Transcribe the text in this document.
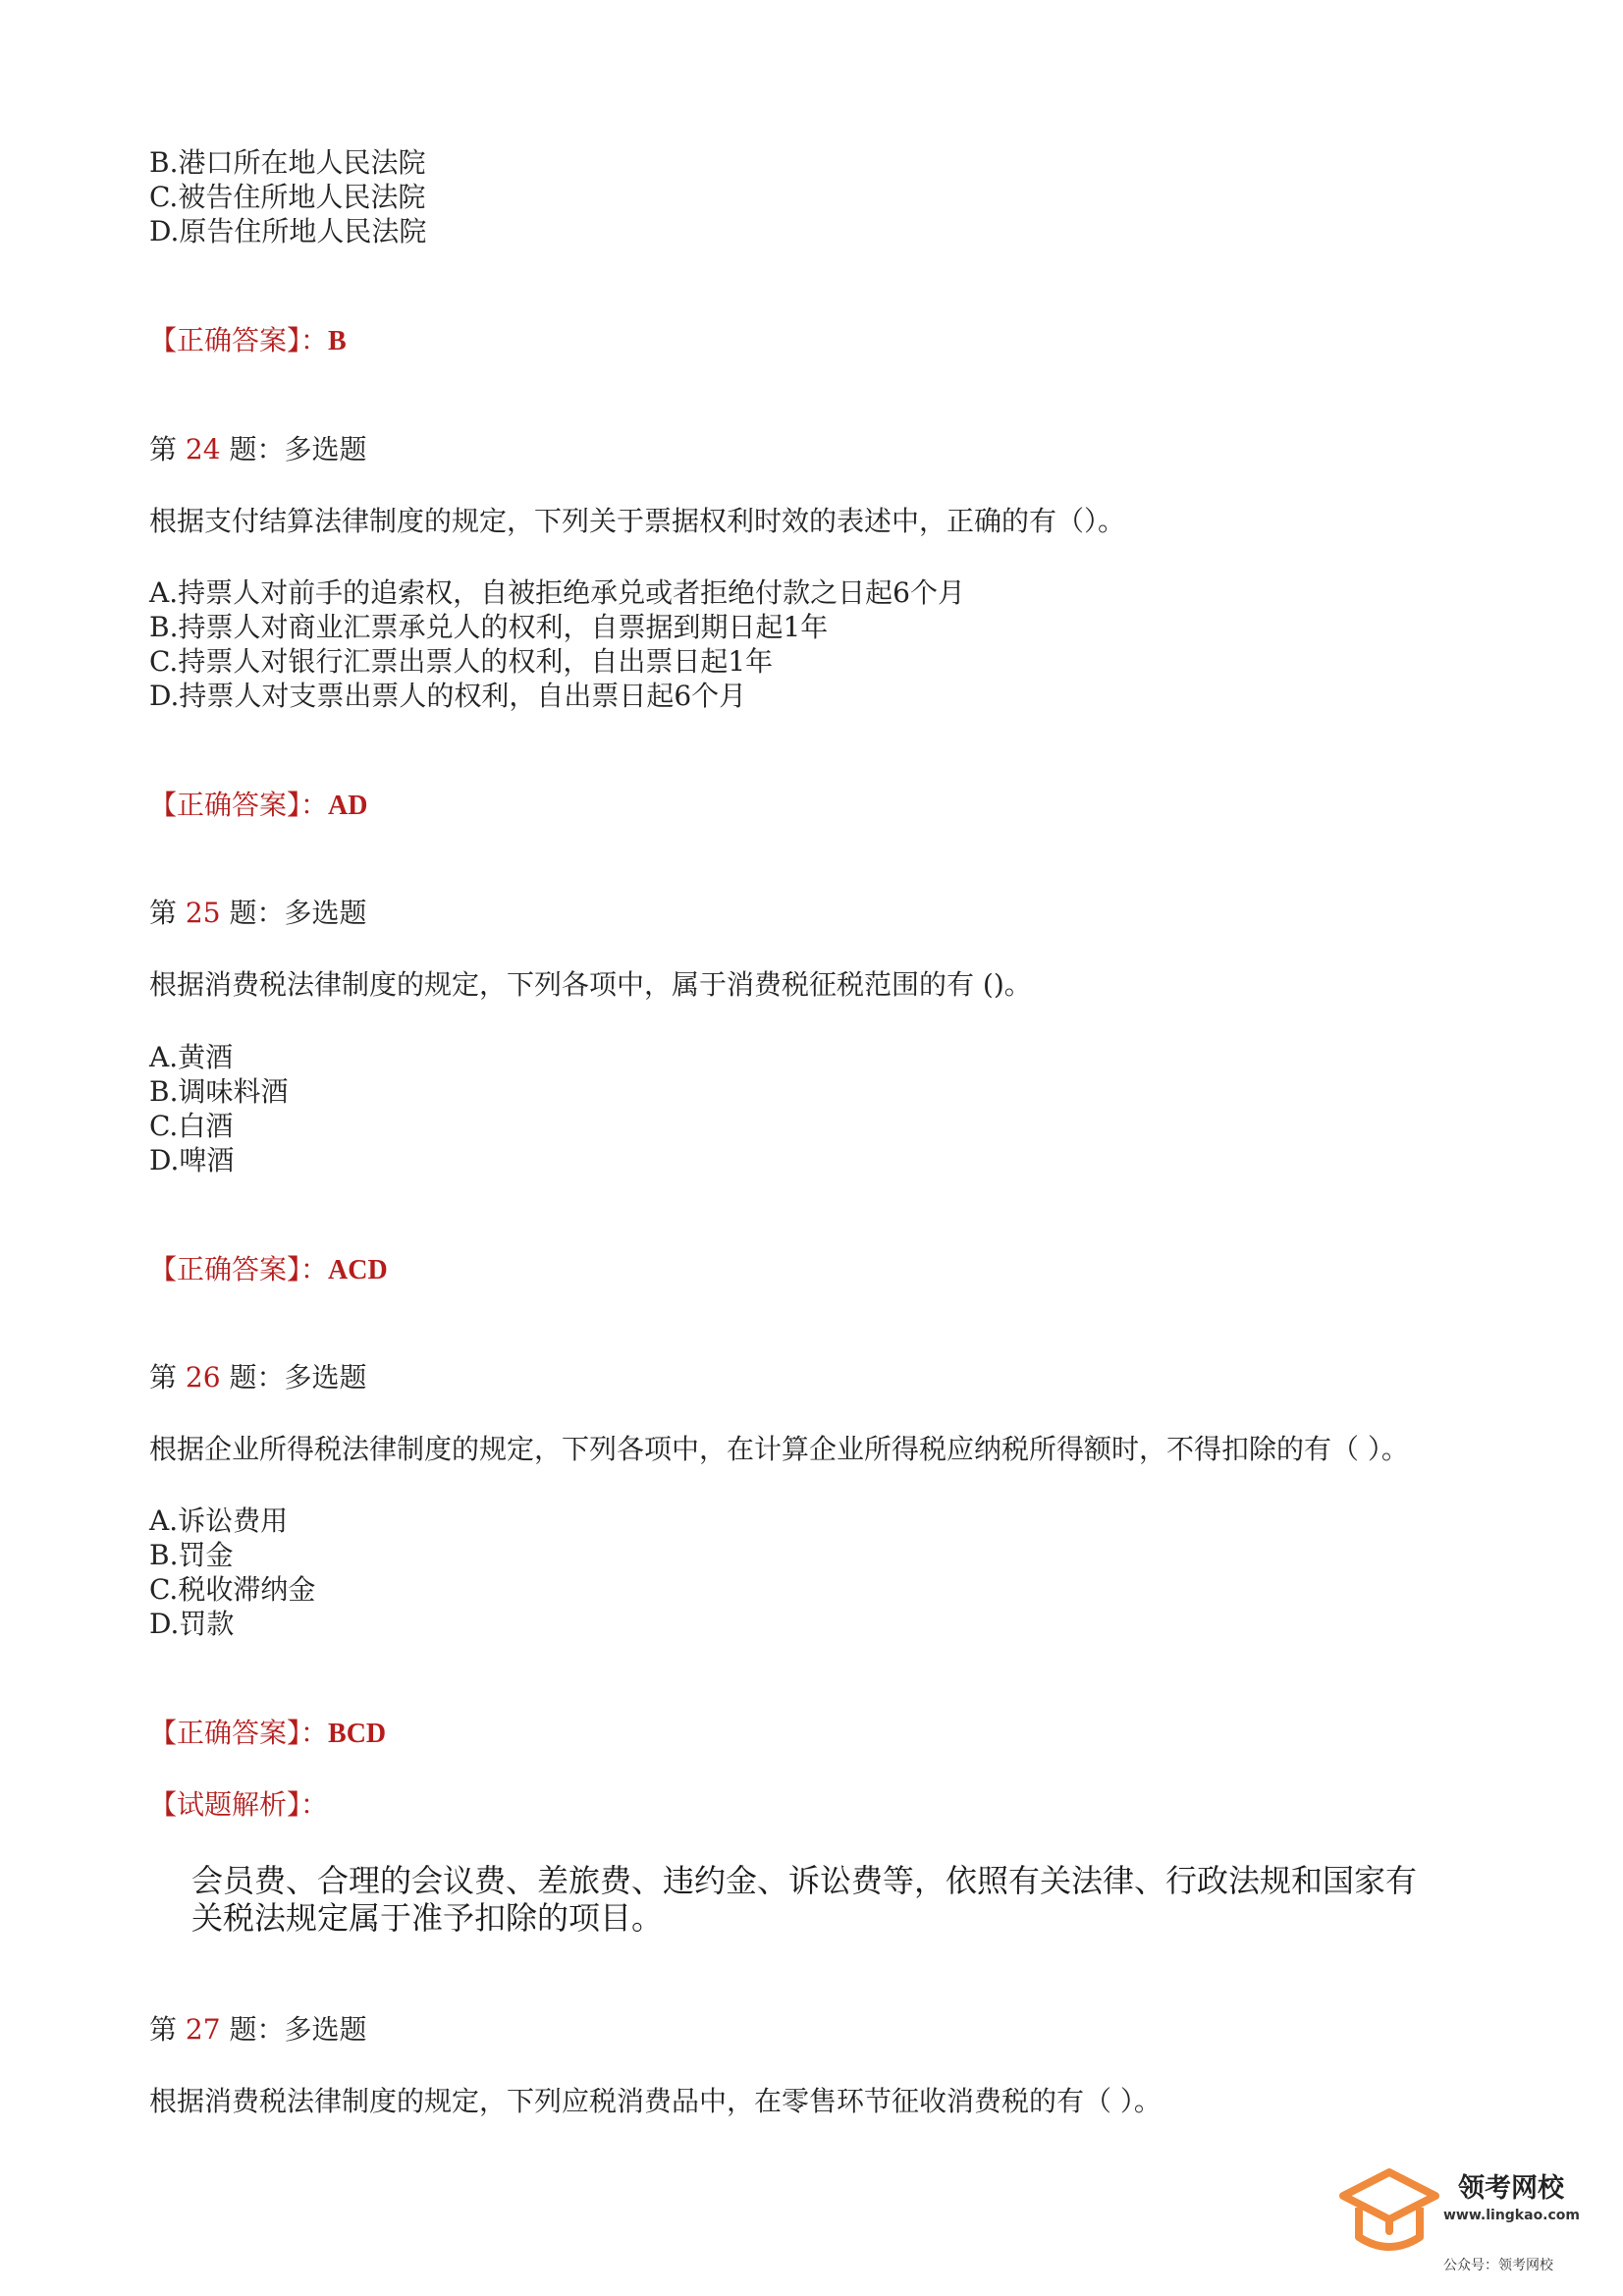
B.港口所在地人民法院
C.被告住所地人民法院
D.原告住所地人民法院
【正确答案】：B
第 24 题：多选题
根据支付结算法律制度的规定，下列关于票据权利时效的表述中，正确的有（）。
A.持票人对前手的追索权，自被拒绝承兑或者拒绝付款之日起6个月
B.持票人对商业汇票承兑人的权利，自票据到期日起1年
C.持票人对银行汇票出票人的权利，自出票日起1年
D.持票人对支票出票人的权利，自出票日起6个月
【正确答案】：AD
第 25 题：多选题
根据消费税法律制度的规定，下列各项中，属于消费税征税范围的有 ()。
A.黄酒
B.调味料酒
C.白酒
D.啤酒
【正确答案】：ACD
第 26 题：多选题
根据企业所得税法律制度的规定，下列各项中，在计算企业所得税应纳税所得额时，不得扣除的有（ ）。
A.诉讼费用
B.罚金
C.税收滞纳金
D.罚款
【正确答案】：BCD
【试题解析】：
会员费、合理的会议费、差旅费、违约金、诉讼费等，依照有关法律、行政法规和国家有
关税法规定属于准予扣除的项目。
第 27 题：多选题
根据消费税法律制度的规定，下列应税消费品中，在零售环节征收消费税的有（ ）。
领考网校
www.lingkao.com
公众号：领考网校
